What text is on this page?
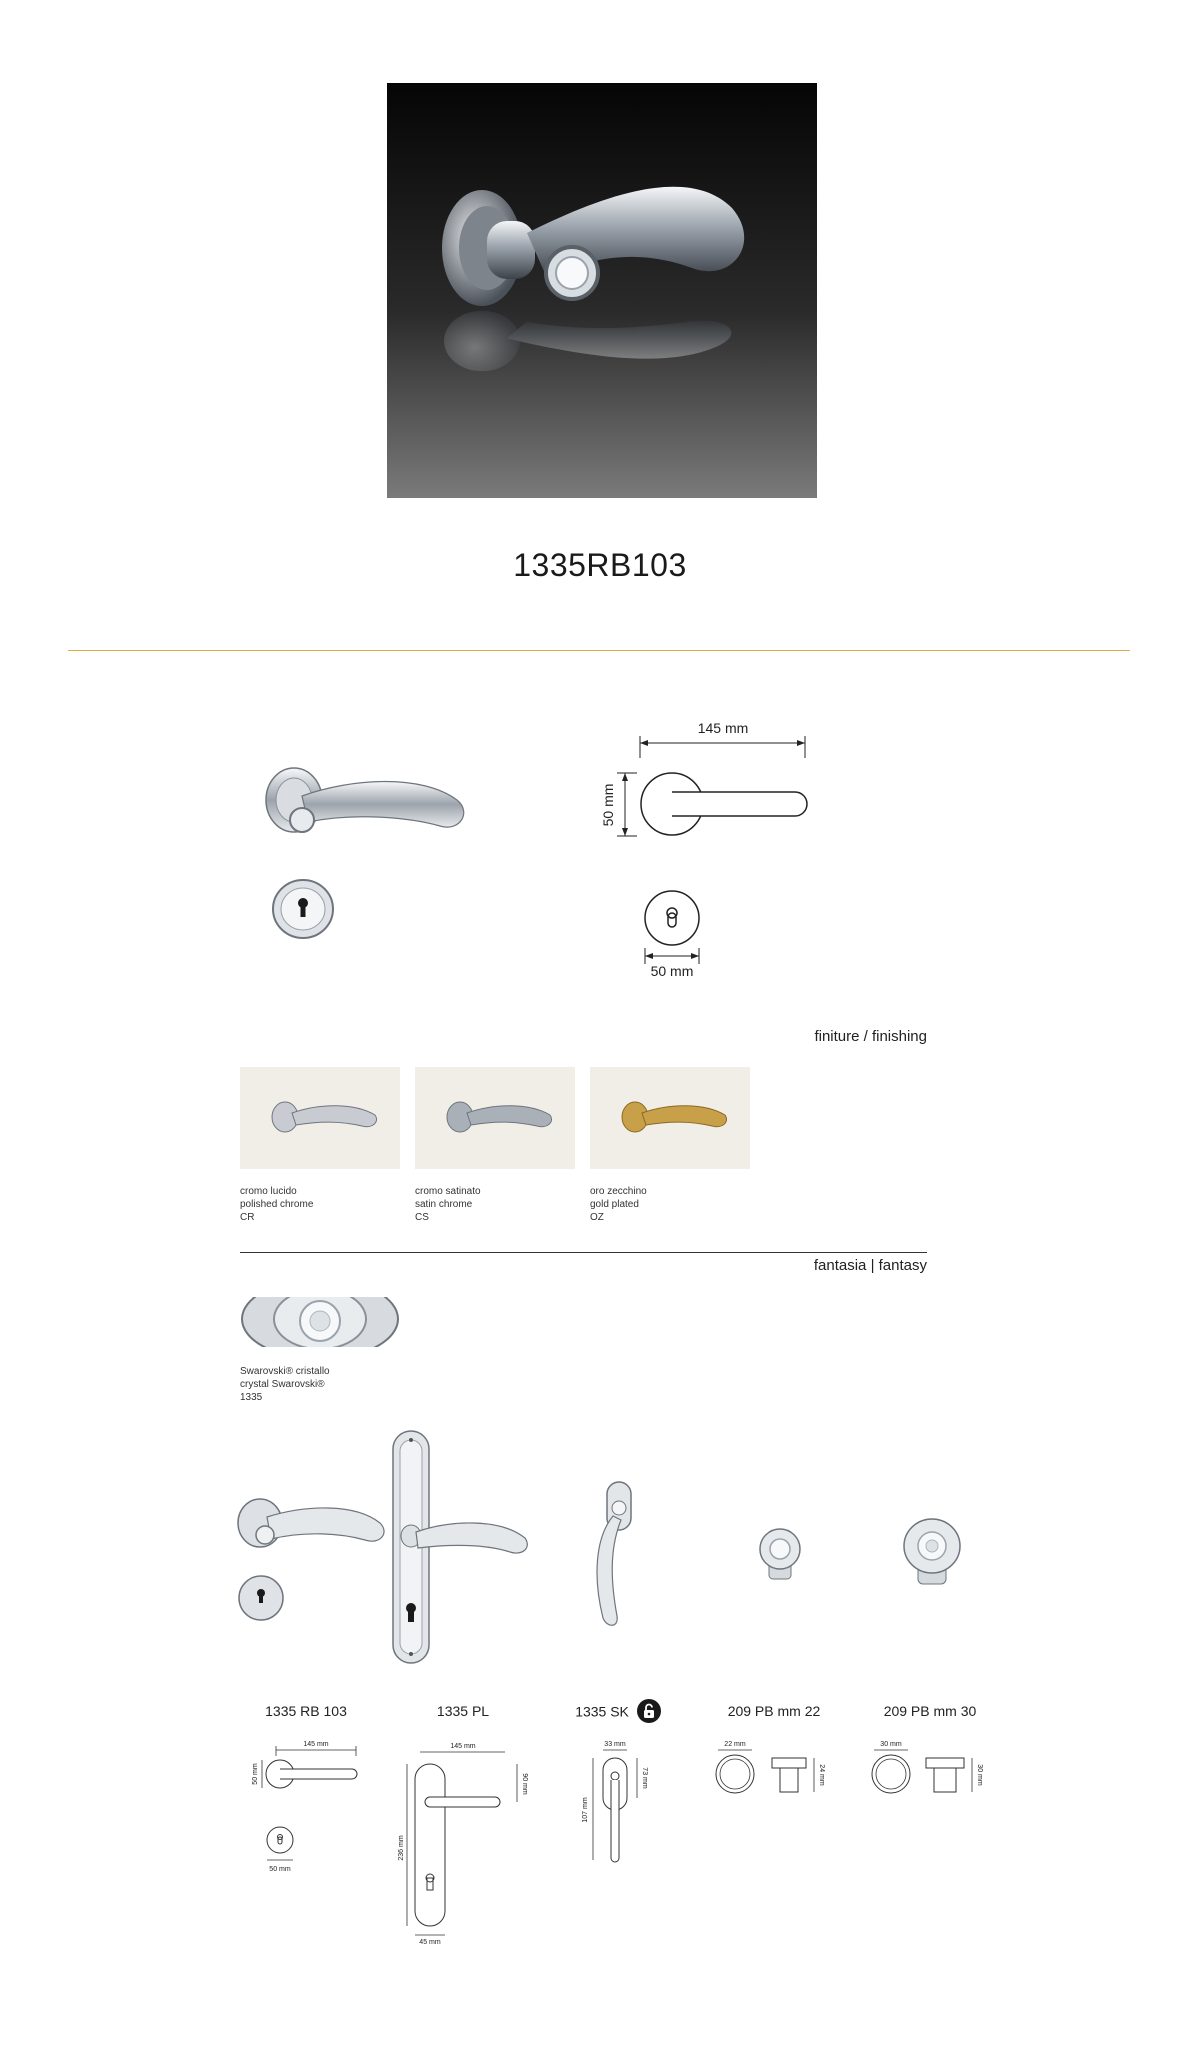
1335RB103
145 mm
50 mm
50 mm
finiture / finishing
cromo lucido
polished chrome
CR
cromo satinato
satin chrome
CS
oro zecchino
gold plated
OZ
fantasia | fantasy
Swarovski® cristallo
crystal Swarovski®
1335
1335 RB 103	1335 PL	1335 SK	209 PB mm 22	209 PB mm 30
145 mm
50 mm
50 mm
145 mm
236 mm
90 mm
45 mm
33 mm
73 mm
107 mm
22 mm
24 mm
30 mm
30 mm
